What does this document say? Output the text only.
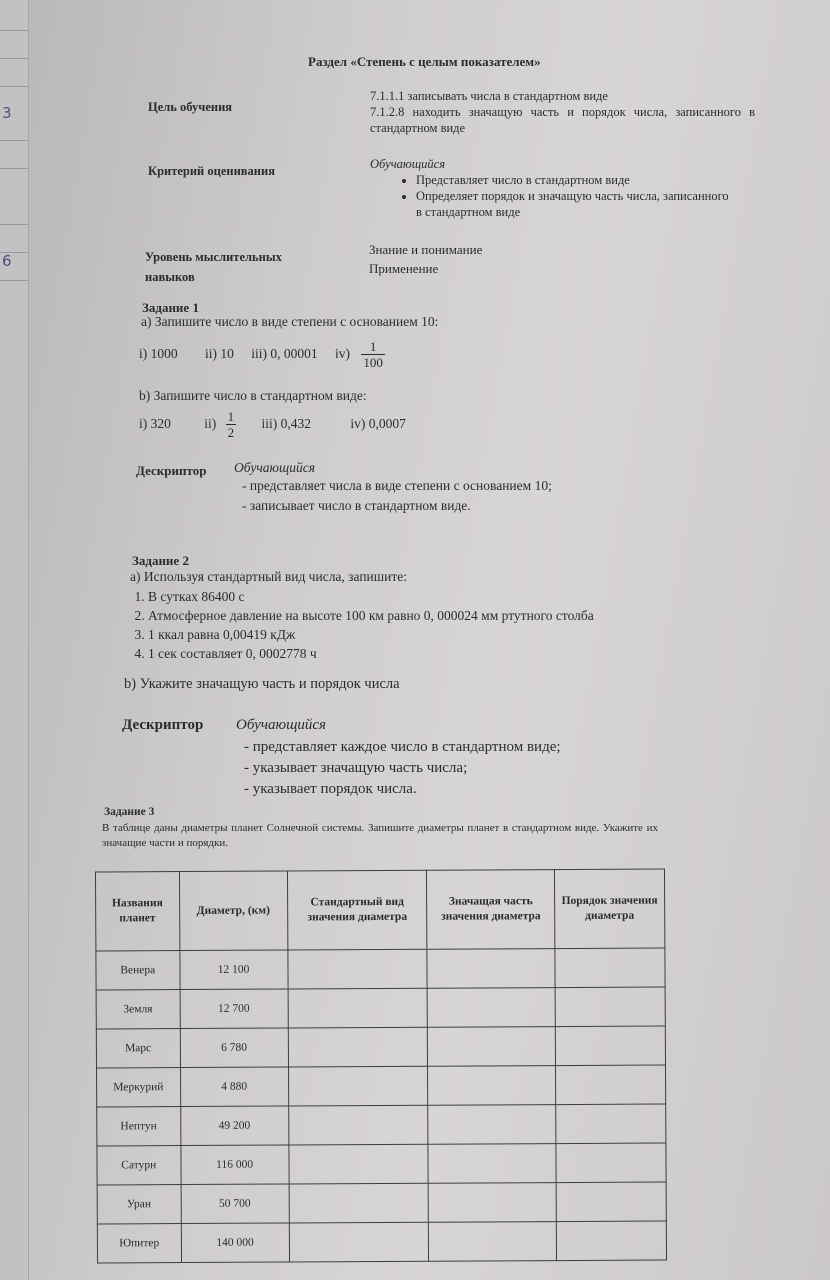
3
6
Раздел «Степень с целым показателем»
Цель обучения
7.1.1.1 записывать числа в стандартном виде
7.1.2.8 находить значащую часть и порядок числа, записанного в стандартном виде
Критерий оценивания	Обучающийся
• Представляет число в стандартном виде
• Определяет порядок и значащую часть числа, записанного в стандартном виде
Уровень мыслительных
навыков
Знание и понимание
Применение
Задание 1
a) Запишите число в виде степени с основанием 10:
i) 1000 ii) 10 iii) 0, 00001 $iv) \frac{1}{100}$
b) Запишите число в стандартном виде:
i) 320 $ii) \frac{1}{2} iii$) 0,432	iv) 0,0007
Дескриптор Обучающийся
- представляет числа в виде степени с основанием 10;
- записывает число в стандартном виде.
Задание 2
а) Используя стандартный вид числа, запишите:
1. В сутках 86400 с
2. Атмосферное давление на высоте 100 км равно 0, 000024 мм ртутного столба
3. 1 ккал равна 0,00419 кДж
4. 1 сек составляет 0, 0002778 ч
b) Укажите значащую часть и порядок числа
Дескриптор Обучающийся
- представляет каждое число в стандартном виде;
- указывает значащую часть числа;
- указывает порядок числа.
Задание 3
В таблице даны диаметры планет Солнечной системы. Запишите диаметры планет в стандартном виде. Укажите их значащие части и порядки.
Названия планет	Диаметр, (км)	Стандартный вид значения диаметра	Значащая часть значения диаметра	Порядок значения диаметра
Венера	12 100			
Земля	12 700			
Марс	6 780			
Меркурий	4 880			
Нептун	49 200			
Сатурн	116 000			
Уран	50 700			
Юпитер	140 000			
